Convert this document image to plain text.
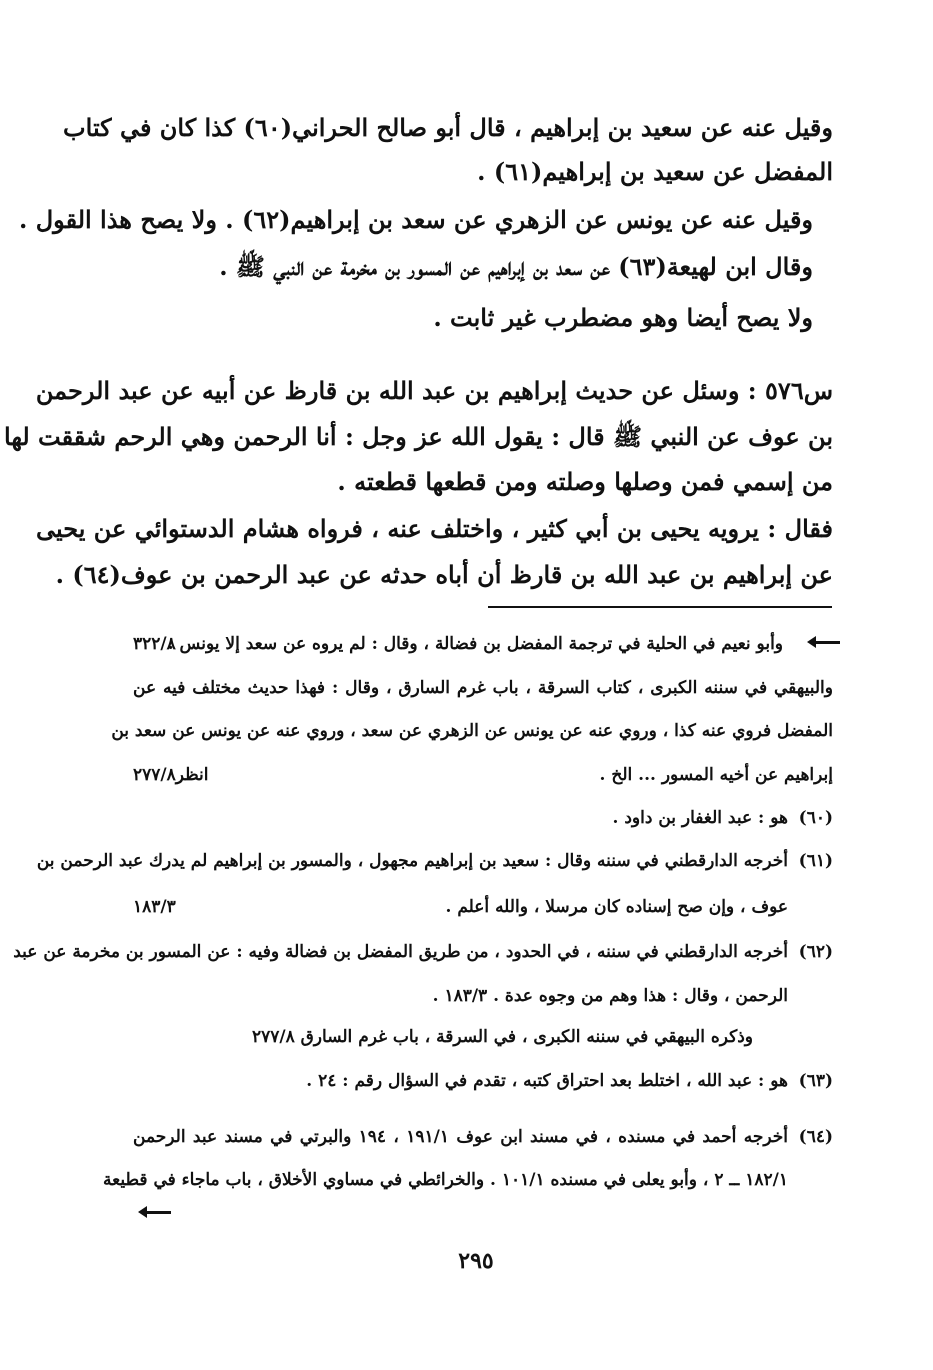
وقيل عنه عن سعيد بن إبراهيم ، قال أبو صالح الحراني(٦٠) كذا كان في كتاب
المفضل عن سعيد بن إبراهيم(٦١) .
وقيل عنه عن يونس عن الزهري عن سعد بن إبراهيم(٦٢) . ولا يصح هذا القول .
وقال ابن لهيعة(٦٣) عن سعد بن إبراهيم عن المسور بن مخرمة عن النبي ﷺ .
ولا يصح أيضا وهو مضطرب غير ثابت .
س٥٧٦ : وسئل عن حديث إبراهيم بن عبد الله بن قارظ عن أبيه عن عبد الرحمن
بن عوف عن النبي ﷺ قال : يقول الله عز وجل : أنا الرحمن وهي الرحم شققت لها
من إسمي فمن وصلها وصلته ومن قطعها قطعته .
فقال : يرويه يحيى بن أبي كثير ، واختلف عنه ، فرواه هشام الدستوائي عن يحيى
عن إبراهيم بن عبد الله بن قارظ أن أباه حدثه عن عبد الرحمن بن عوف(٦٤) .
وأبو نعيم في الحلية في ترجمة المفضل بن فضالة ، وقال : لم يروه عن سعد إلا يونس .
٣٢٢/٨
والبيهقي في سننه الكبرى ، كتاب السرقة ، باب غرم السارق ، وقال : فهذا حديث مختلف فيه عن
المفضل فروي عنه كذا ، وروي عنه عن يونس عن الزهري عن سعد ، وروي عنه عن يونس عن سعد بن
إبراهيم عن أخيه المسور ... الخ .
انظر٢٧٧/٨
(٦٠)
هو : عبد الغفار بن داود .
(٦١)
أخرجه الدارقطني في سننه وقال : سعيد بن إبراهيم مجهول ، والمسور بن إبراهيم لم يدرك عبد الرحمن بن
عوف ، وإن صح إسناده كان مرسلا ، والله أعلم .
١٨٣/٣
(٦٢)
أخرجه الدارقطني في سننه ، في الحدود ، من طريق المفضل بن فضالة وفيه : عن المسور بن مخرمة عن عبد
الرحمن ، وقال : هذا وهم من وجوه عدة . ١٨٣/٣ .
وذكره البيهقي في سننه الكبرى ، في السرقة ، باب غرم السارق ٢٧٧/٨
(٦٣)
هو : عبد الله ، اختلط بعد احتراق كتبه ، تقدم في السؤال رقم : ٢٤ .
(٦٤)
أخرجه أحمد في مسنده ، في مسند ابن عوف ١٩١/١ ، ١٩٤ والبرتي في مسند عبد الرحمن
١٨٢/١ ــ ٢ ، وأبو يعلى في مسنده ١٠١/١ . والخرائطي في مساوي الأخلاق ، باب ماجاء في قطيعة
٢٩٥
